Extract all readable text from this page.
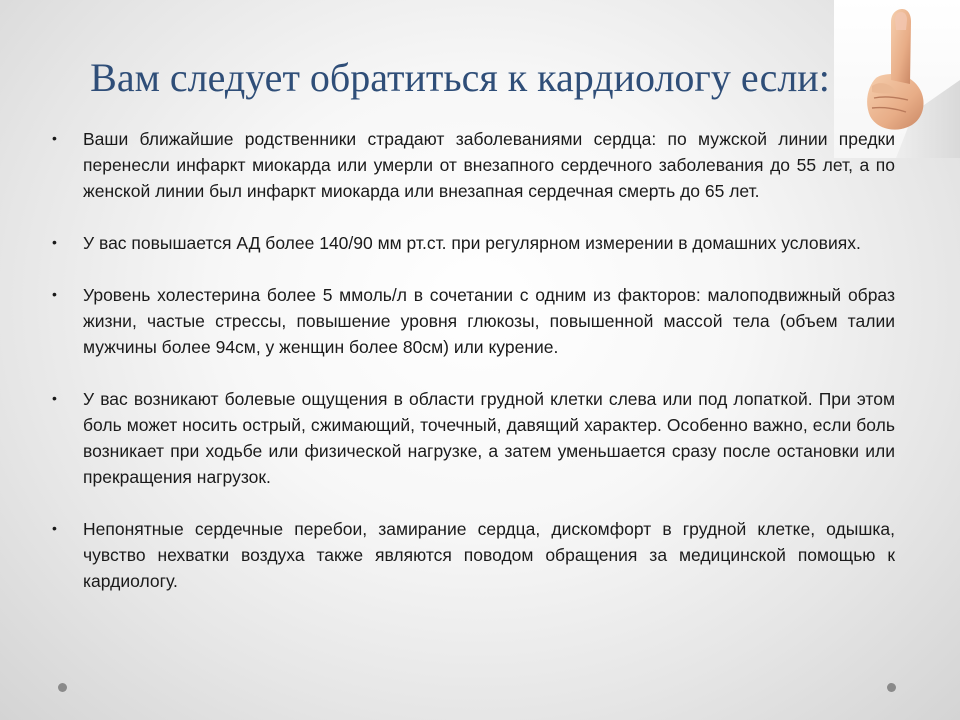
Вам следует обратиться к кардиологу если:
• Ваши ближайшие родственники страдают заболеваниями сердца: по мужской линии предки перенесли инфаркт миокарда или умерли от внезапного сердечного заболевания до 55 лет, а по женской линии был инфаркт миокарда или внезапная сердечная смерть до 65 лет.
• У вас повышается АД более 140/90 мм рт.ст. при регулярном измерении в домашних условиях.
• Уровень холестерина более 5 ммоль/л в сочетании с одним из факторов: малоподвижный образ жизни, частые стрессы, повышение уровня глюкозы, повышенной массой тела (объем талии мужчины более 94см, у женщин более 80см) или курение.
• У вас возникают болевые ощущения в области грудной клетки слева или под лопаткой. При этом боль может носить острый, сжимающий, точечный, давящий характер. Особенно важно, если боль возникает при ходьбе или физической нагрузке, а затем уменьшается сразу после остановки или прекращения нагрузок.
• Непонятные сердечные перебои, замирание сердца, дискомфорт в грудной клетке, одышка, чувство нехватки воздуха также являются поводом обращения за медицинской помощью к кардиологу.
